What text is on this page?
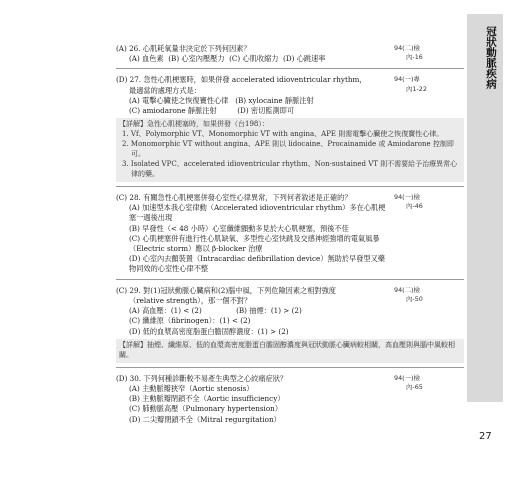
冠狀動脈疾病
27
(A) 26. 心肌耗氧量非決定於下列何因素？
(A) 血色素 (B) 心室內壓壓力 (C) 心肌收縮力 (D) 心跳速率
94(二)檢
內-16
(D) 27. 急性心肌梗塞時，如果併發 accelerated idioventricular rhythm，
最適當的處理方式是：
(A) 電擊心臟使之恢復竇性心律 (B) xylocaine 靜脈注射
(C) amiodarone 靜脈注射	(D) 密切監測即可
94(一)專
內1-22
【詳解】急性心肌梗塞時，如果併發（台198）：
1. Vf、Polymorphic VT、Monomorphic VT with angina、APE 則需電擊心臟使之恢復竇性心律。
2. Monomorphic VT without angina、APE 則以 lidocaine、Procainamide 或 Amiodarone 控制即可。
3. Isolated VPC、accelerated idioventricular rhythm、Non-sustained VT 則不需要給予治療異常心律的藥。
(C) 28. 有關急性心肌梗塞併發心室性心律異常，下列何者敘述是正確的？
(A) 加速型本我心室律動（Accelerated idioventricular rhythm）多在心肌梗塞一週後出現
(B) 早發性（< 48 小時）心室纖維顫動多見於大心肌梗塞，預後不佳
(C) 心肌梗塞併有進行性心肌缺氧、多型性心室快跳及交感神經強增的電氣風暴（Electric storm）應以 β-blocker 治療
(D) 心室內去顫裝置（Intracardiac defibrillation device）無助於早發型又藥物同效的心室性心律不整
94(一)檢
內-46
(C) 29. 對(1)冠狀動脈心臟病和(2)腦中風，下列危險因素之相對強度
（relative strength），那一個不對？
(A) 高血壓：(1) < (2)	(B) 抽煙：(1) > (2)
(C) 纖維原（fibrinogen）：(1) < (2)
(D) 低的血漿高密度脂蛋白膽固醇濃度：(1) > (2)
94(二)檢
內-50
【詳解】抽煙、纖維原、低的血漿高密度脂蛋白膽固醇濃度與冠狀動脈心臟病較相關，高血壓則與腦中風較相關。
(D) 30. 下列何種診斷較不易產生典型之心絞痛症狀？
(A) 主動脈瓣狹窄（Aortic stenosis）
(B) 主動脈瓣閉鎖不全（Aortic insufficiency）
(C) 肺動脈高壓（Pulmonary hypertension）
(D) 二尖瓣閉鎖不全（Mitral regurgitation）
94(一)檢
內-65
